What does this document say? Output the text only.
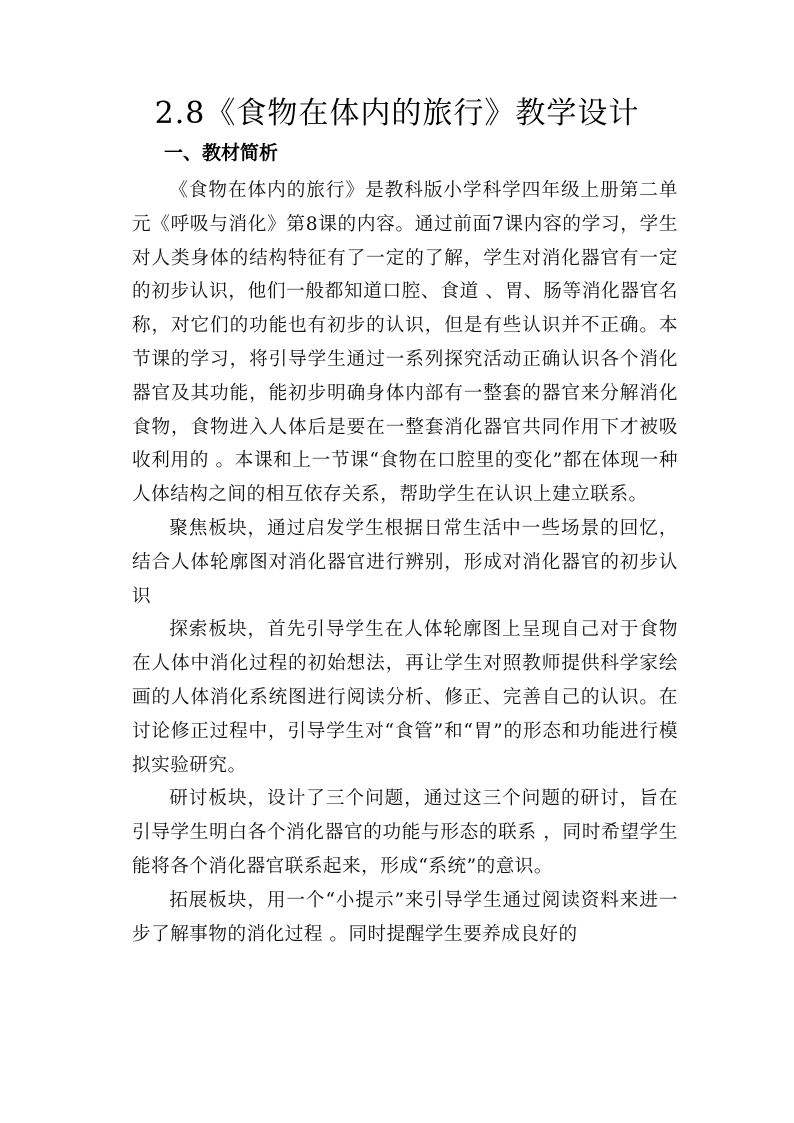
2.8《食物在体内的旅行》教学设计
一、教材简析

《食物在体内的旅行》是教科版小学科学四年级上册第二单元《呼吸与消化》第8课的内容。通过前面7课内容的学习，学生对人类身体的结构特征有了一定的了解，学生对消化器官有一定的初步认识，他们一般都知道口腔、食道 、胃、肠等消化器官名称，对它们的功能也有初步的认识，但是有些认识并不正确。本节课的学习，将引导学生通过一系列探究活动正确认识各个消化器官及其功能，能初步明确身体内部有一整套的器官来分解消化食物，食物进入人体后是要在一整套消化器官共同作用下才被吸收利用的 。本课和上一节课“食物在口腔里的变化”都在体现一种人体结构之间的相互依存关系，帮助学生在认识上建立联系。

聚焦板块，通过启发学生根据日常生活中一些场景的回忆，结合人体轮廓图对消化器官进行辨别，形成对消化器官的初步认识

探索板块，首先引导学生在人体轮廓图上呈现自己对于食物在人体中消化过程的初始想法，再让学生对照教师提供科学家绘画的人体消化系统图进行阅读分析、修正、完善自己的认识。在讨论修正过程中，引导学生对“食管”和“胃”的形态和功能进行模拟实验研究。

研讨板块，设计了三个问题，通过这三个问题的研讨，旨在引导学生明白各个消化器官的功能与形态的联系 ，同时希望学生能将各个消化器官联系起来，形成“系统”的意识。

拓展板块，用一个“小提示”来引导学生通过阅读资料来进一步了解事物的消化过程 。同时提醒学生要养成良好的
